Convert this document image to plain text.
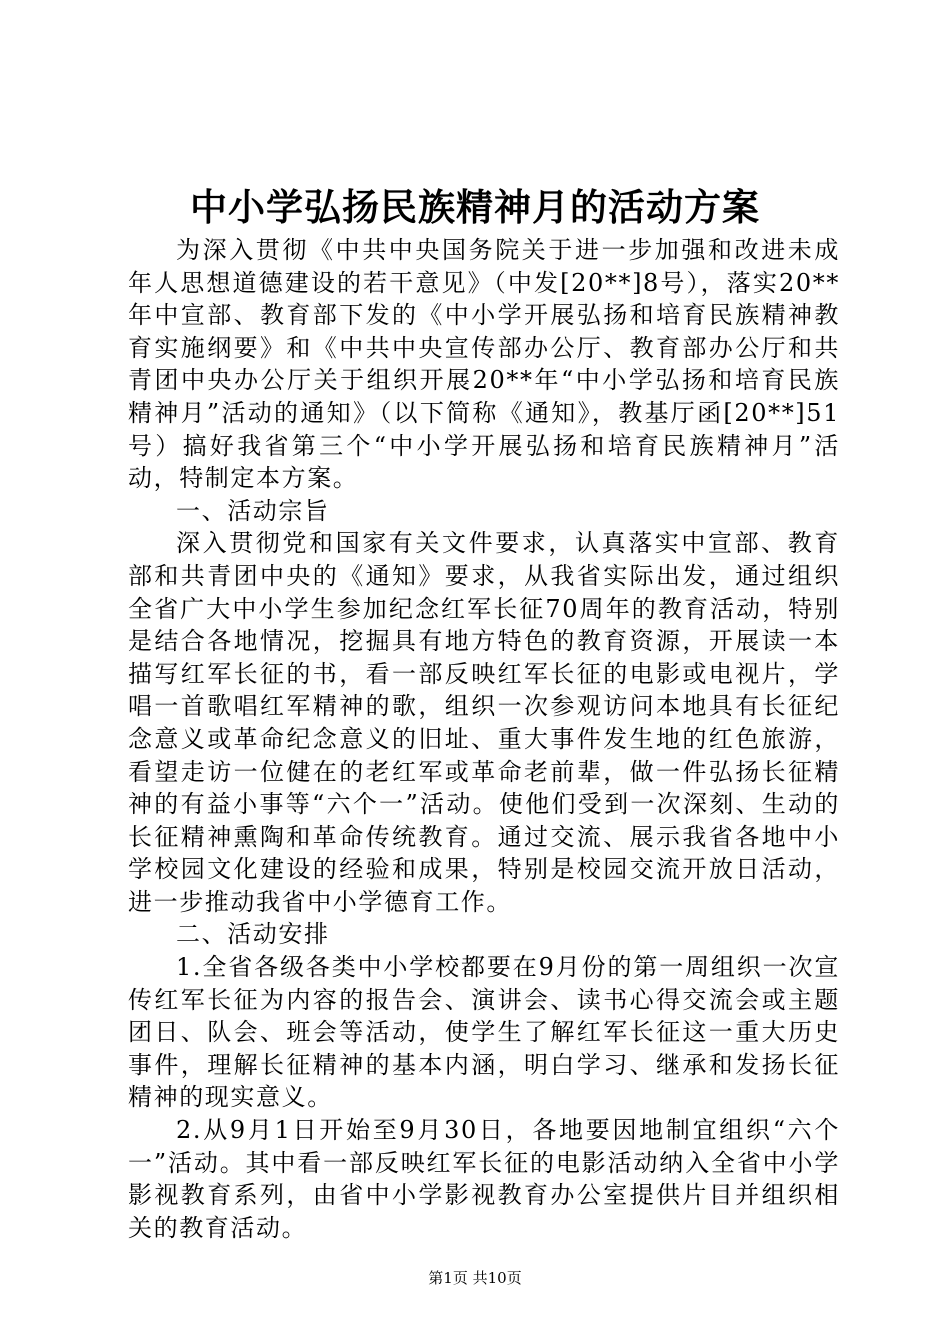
中小学弘扬民族精神月的活动方案

为深入贯彻《中共中央国务院关于进一步加强和改进未成年人思想道德建设的若干意见》（中发[20**]8号），落实20**年中宣部、教育部下发的《中小学开展弘扬和培育民族精神教育实施纲要》和《中共中央宣传部办公厅、教育部办公厅和共青团中央办公厅关于组织开展20**年“中小学弘扬和培育民族精神月”活动的通知》（以下简称《通知》，教基厅函[20**]51号）搞好我省第三个“中小学开展弘扬和培育民族精神月”活动，特制定本方案。

一、活动宗旨

深入贯彻党和国家有关文件要求，认真落实中宣部、教育部和共青团中央的《通知》要求，从我省实际出发，通过组织全省广大中小学生参加纪念红军长征70周年的教育活动，特别是结合各地情况，挖掘具有地方特色的教育资源，开展读一本描写红军长征的书，看一部反映红军长征的电影或电视片，学唱一首歌唱红军精神的歌，组织一次参观访问本地具有长征纪念意义或革命纪念意义的旧址、重大事件发生地的红色旅游，看望走访一位健在的老红军或革命老前辈，做一件弘扬长征精神的有益小事等“六个一”活动。使他们受到一次深刻、生动的长征精神熏陶和革命传统教育。通过交流、展示我省各地中小学校园文化建设的经验和成果，特别是校园交流开放日活动，进一步推动我省中小学德育工作。

二、活动安排

1.全省各级各类中小学校都要在9月份的第一周组织一次宣传红军长征为内容的报告会、演讲会、读书心得交流会或主题团日、队会、班会等活动，使学生了解红军长征这一重大历史事件，理解长征精神的基本内涵，明白学习、继承和发扬长征精神的现实意义。

2.从9月1日开始至9月30日，各地要因地制宜组织“六个一”活动。其中看一部反映红军长征的电影活动纳入全省中小学影视教育系列，由省中小学影视教育办公室提供片目并组织相关的教育活动。

第1页 共10页
